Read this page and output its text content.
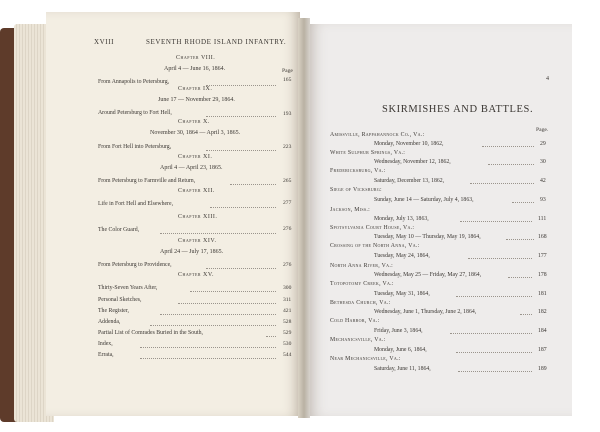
XVIII	SEVENTH RHODE ISLAND INFANTRY.
Page
Chapter VIII.
April 4 — June 16, 1864.
From Annapolis to Petersburg,	165
Chapter IX.
June 17 — November 29, 1864.
Around Petersburg to Fort Hell,	193
Chapter X.
November 30, 1864 — April 3, 1865.
From Fort Hell into Petersburg,	223
Chapter XI.
April 4 — April 23, 1865.
From Petersburg to Farmville and Return,	265
Chapter XII.
Life in Fort Hell and Elsewhere,	277
Chapter XIII.
The Color Guard,	276
Chapter XIV.
April 24 — July 17, 1865.
From Petersburg to Providence,	276
Chapter XV.
Thirty-Seven Years After,	300
Personal Sketches,	311
The Register,	421
Addenda,	528
Partial List of Comrades Buried in the South,	529
Index,	530
Errata,	544
4
SKIRMISHES AND BATTLES.
Page.
Amissville, Rappahannock Co., Va.:
Monday, November 10, 1862,	29
White Sulphur Springs, Va.:
Wednesday, November 12, 1862,	30
Fredericksburg, Va.:
Saturday, December 13, 1862,	42
Siege of Vicksburg:
Sunday, June 14 — Saturday, July 4, 1863,	93
Jackson, Miss.:
Monday, July 13, 1863,	111
Spotsylvania Court House, Va.:
Tuesday, May 10 — Thursday, May 19, 1864,	168
Crossing of the North Anna, Va.:
Tuesday, May 24, 1864,	177
North Anna River, Va.:
Wednesday, May 25 — Friday, May 27, 1864,	178
Totopotomy Creek, Va.:
Tuesday, May 31, 1864,	181
Bethesda Church, Va.:
Wednesday, June 1, Thursday, June 2, 1864,	182
Cold Harbor, Va.:
Friday, June 3, 1864,	184
Mechanicsville, Va.:
Monday, June 6, 1864,	187
Near Mechanicsville, Va.:
Saturday, June 11, 1864,	189
